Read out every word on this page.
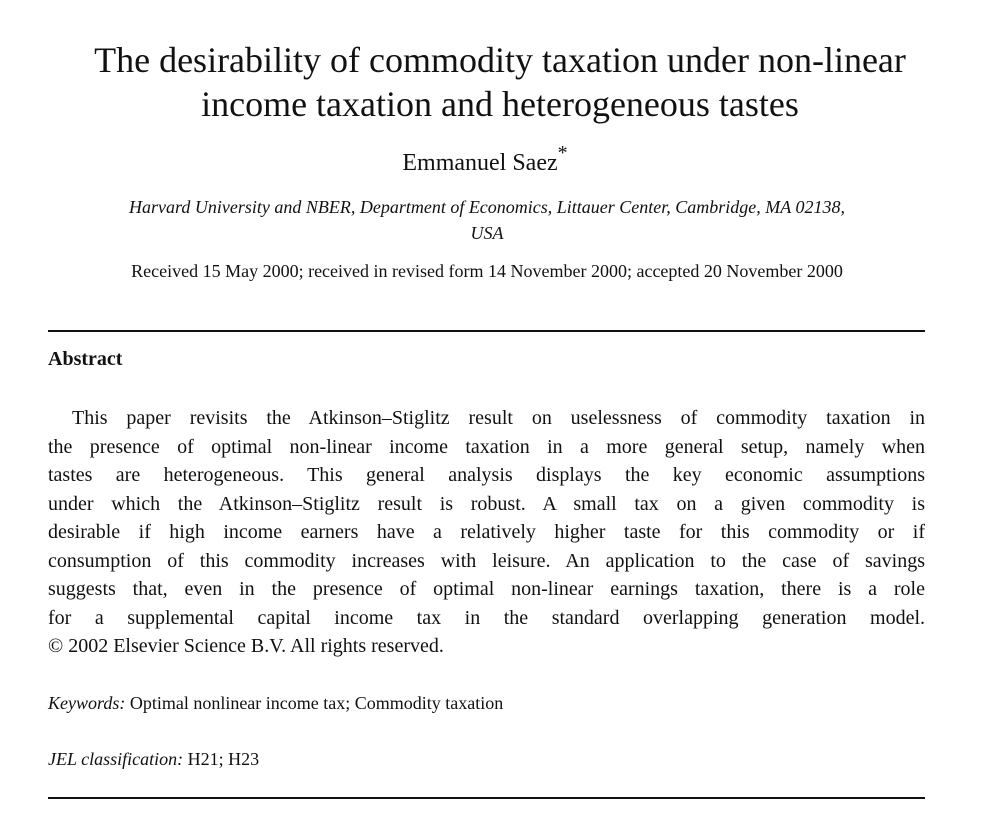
The desirability of commodity taxation under non-linear
income taxation and heterogeneous tastes
Emmanuel Saez*
Harvard University and NBER, Department of Economics, Littauer Center, Cambridge, MA 02138,
USA
Received 15 May 2000; received in revised form 14 November 2000; accepted 20 November 2000
Abstract
This paper revisits the Atkinson–Stiglitz result on uselessness of commodity taxation in
the presence of optimal non-linear income taxation in a more general setup, namely when
tastes are heterogeneous. This general analysis displays the key economic assumptions
under which the Atkinson–Stiglitz result is robust. A small tax on a given commodity is
desirable if high income earners have a relatively higher taste for this commodity or if
consumption of this commodity increases with leisure. An application to the case of savings
suggests that, even in the presence of optimal non-linear earnings taxation, there is a role
for a supplemental capital income tax in the standard overlapping generation model.
© 2002 Elsevier Science B.V. All rights reserved.
Keywords: Optimal nonlinear income tax; Commodity taxation
JEL classification: H21; H23
